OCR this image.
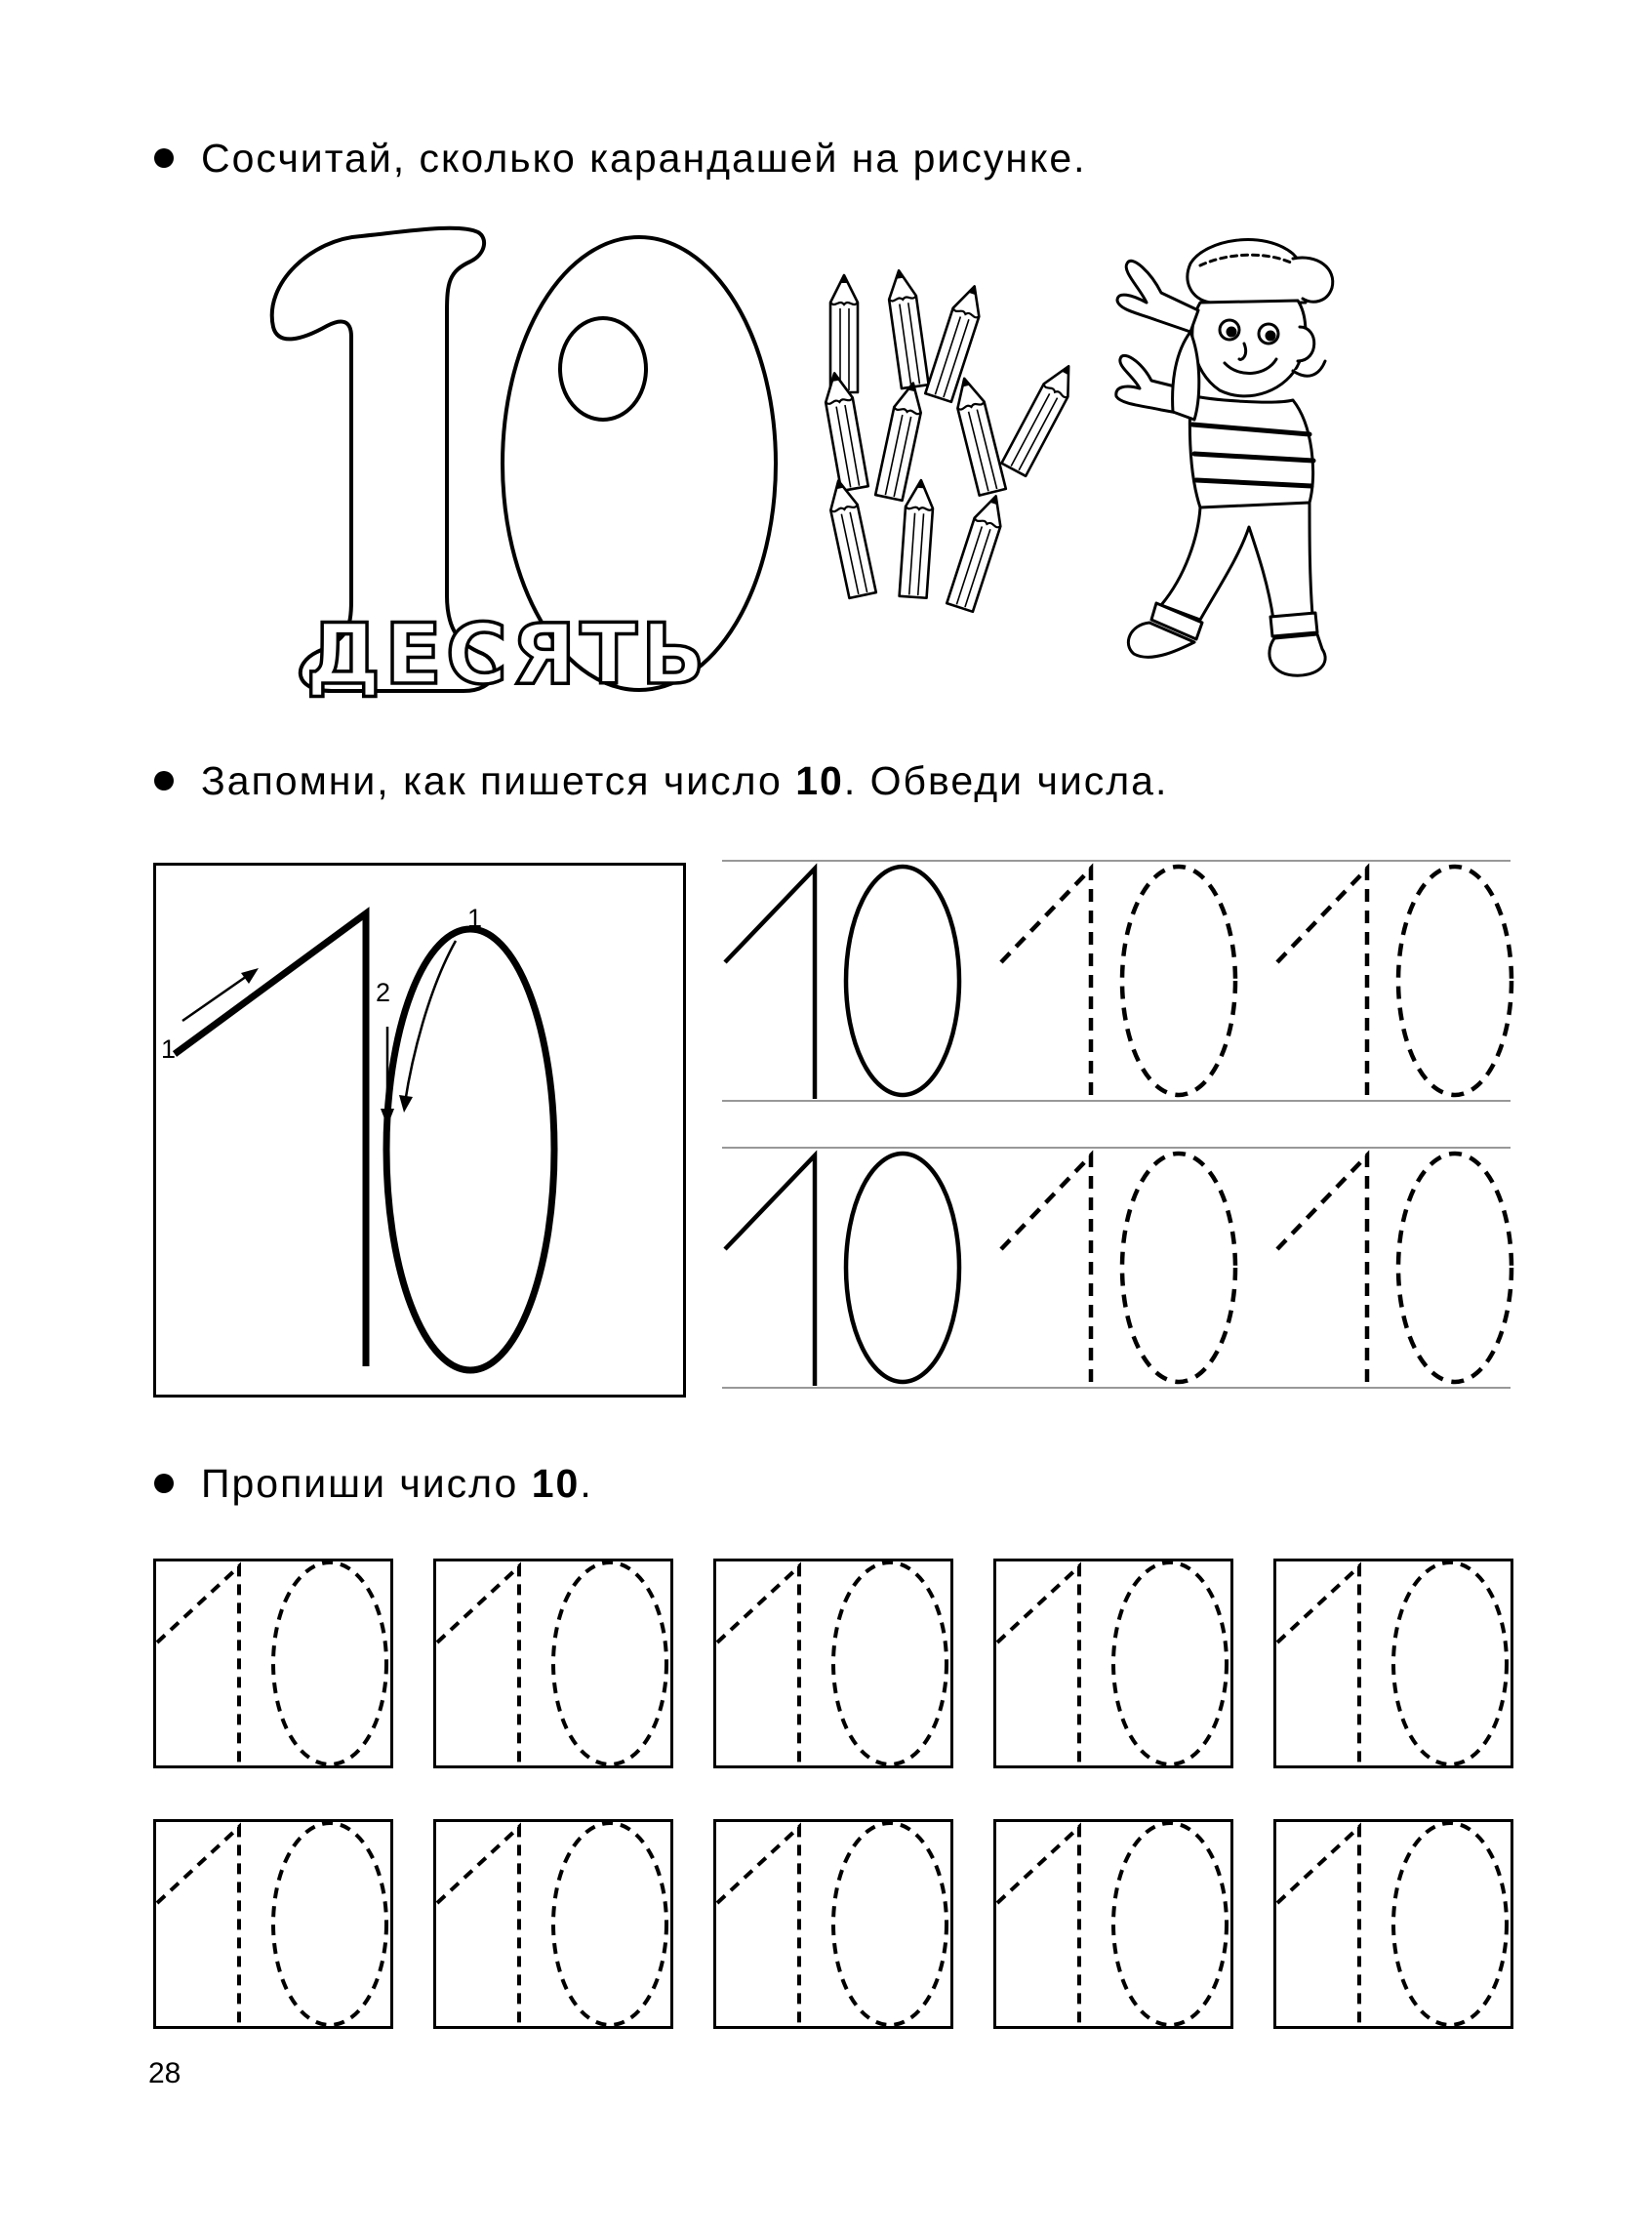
Сосчитай, сколько карандашей на рисунке.
ДЕСЯТЬ
Запомни, как пишется число 10. Обведи числа.
1
2
1
Пропиши число 10.
28
